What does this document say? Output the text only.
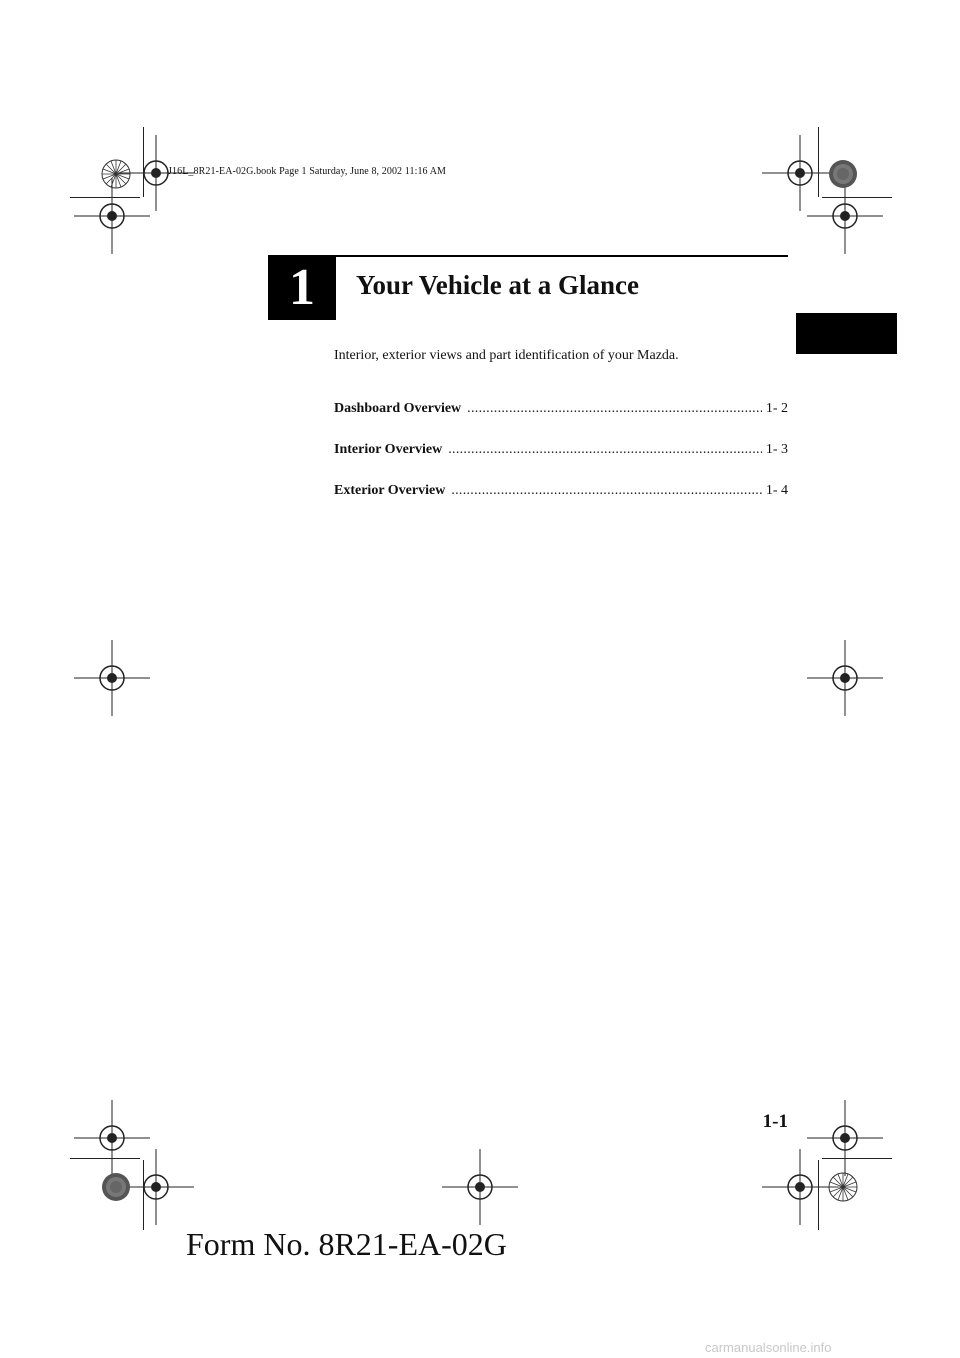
J16L_8R21-EA-02G.book Page 1 Saturday, June 8, 2002 11:16 AM
1	Your Vehicle at a Glance
Interior, exterior views and part identification of your Mazda.
Dashboard Overview .....	1- 2
Interior Overview .....	1- 3
Exterior Overview .....	1- 4
1-1
Form No. 8R21-EA-02G
carmanualsonline.info
